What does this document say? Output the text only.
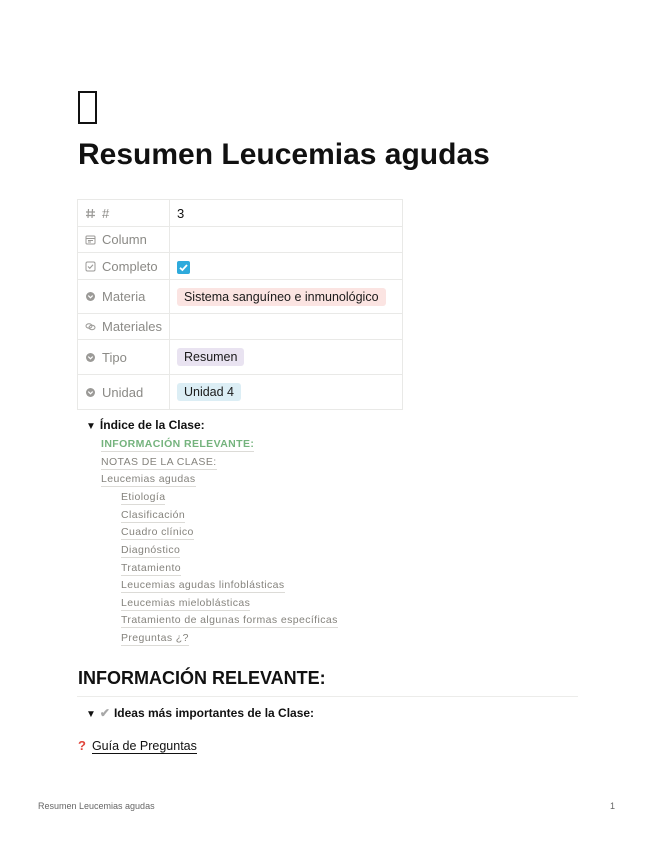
Resumen Leucemias agudas
#	3

Column	

Completo	

Materia	Sistema sanguíneo e inmunológico

Materiales	

Tipo	Resumen

Unidad	Unidad 4
▼ Índice de la Clase:
INFORMACIÓN RELEVANTE:
NOTAS DE LA CLASE:
Leucemias agudas
Etiología
Clasificación
Cuadro clínico
Diagnóstico
Tratamiento
Leucemias agudas linfoblásticas
Leucemias mieloblásticas
Tratamiento de algunas formas específicas
Preguntas ¿?
INFORMACIÓN RELEVANTE:
▼ ✔ Ideas más importantes de la Clase:
? Guía de Preguntas
Resumen Leucemias agudas	1
